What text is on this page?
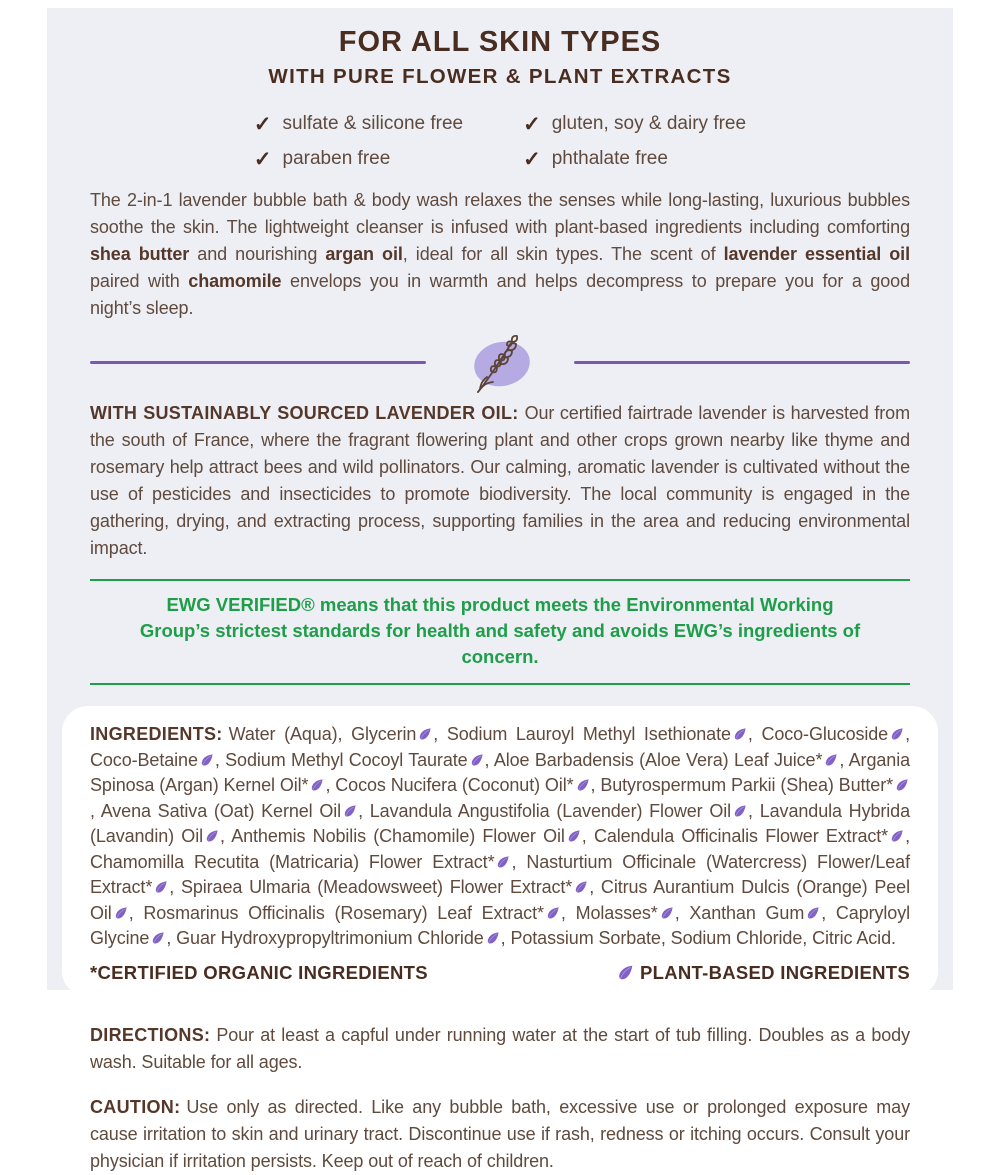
FOR ALL SKIN TYPES
WITH PURE FLOWER & PLANT EXTRACTS
✓ sulfate & silicone free	✓ gluten, soy & dairy free
✓ paraben free	✓ phthalate free

The 2-in-1 lavender bubble bath & body wash relaxes the senses while long-lasting, luxurious bubbles soothe the skin. The lightweight cleanser is infused with plant-based ingredients including comforting shea butter and nourishing argan oil, ideal for all skin types. The scent of lavender essential oil paired with chamomile envelops you in warmth and helps decompress to prepare you for a good night’s sleep.

WITH SUSTAINABLY SOURCED LAVENDER OIL: Our certified fairtrade lavender is harvested from the south of France, where the fragrant flowering plant and other crops grown nearby like thyme and rosemary help attract bees and wild pollinators. Our calming, aromatic lavender is cultivated without the use of pesticides and insecticides to promote biodiversity. The local community is engaged in the gathering, drying, and extracting process, supporting families in the area and reducing environmental impact.

EWG VERIFIED® means that this product meets the Environmental Working Group’s strictest standards for health and safety and avoids EWG’s ingredients of concern.

INGREDIENTS: Water (Aqua), Glycerin , Sodium Lauroyl Methyl Isethionate , Coco-Glucoside , Coco-Betaine , Sodium Methyl Cocoyl Taurate , Aloe Barbadensis (Aloe Vera) Leaf Juice* , Argania Spinosa (Argan) Kernel Oil* , Cocos Nucifera (Coconut) Oil* , Butyrospermum Parkii (Shea) Butter*, Avena Sativa (Oat) Kernel Oil , Lavandula Angustifolia (Lavender) Flower Oil , Lavandula Hybrida (Lavandin) Oil , Anthemis Nobilis (Chamomile) Flower Oil , Calendula Officinalis Flower Extract* , Chamomilla Recutita (Matricaria) Flower Extract* , Nasturtium Officinale (Watercress) Flower/Leaf Extract* , Spiraea Ulmaria (Meadowsweet) Flower Extract* , Citrus Aurantium Dulcis (Orange) Peel Oil , Rosmarinus Officinalis (Rosemary) Leaf Extract* , Molasses* , Xanthan Gum , Capryloyl Glycine , Guar Hydroxypropyltrimonium Chloride , Potassium Sorbate, Sodium Chloride, Citric Acid.

*CERTIFIED ORGANIC INGREDIENTS	PLANT-BASED INGREDIENTS

DIRECTIONS: Pour at least a capful under running water at the start of tub filling. Doubles as a body wash. Suitable for all ages.

CAUTION: Use only as directed. Like any bubble bath, excessive use or prolonged exposure may cause irritation to skin and urinary tract. Discontinue use if rash, redness or itching occurs. Consult your physician if irritation persists. Keep out of reach of children.
